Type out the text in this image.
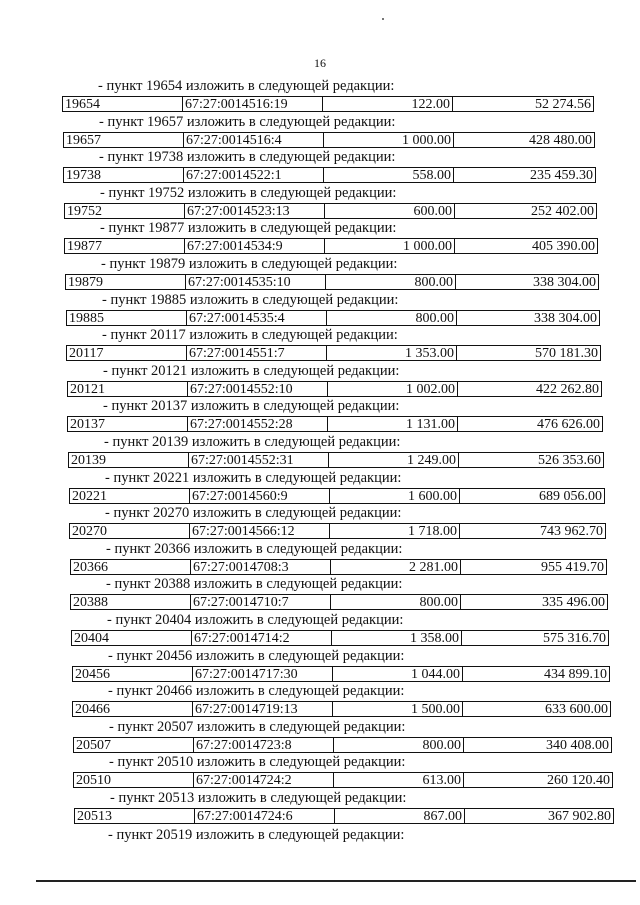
16
- пункт 19654 изложить в следующей редакции:
19654	67:27:0014516:19	122.00	52 274.56
- пункт 19657 изложить в следующей редакции:
19657	67:27:0014516:4	1 000.00	428 480.00
- пункт 19738 изложить в следующей редакции:
19738	67:27:0014522:1	558.00	235 459.30
- пункт 19752 изложить в следующей редакции:
19752	67:27:0014523:13	600.00	252 402.00
- пункт 19877 изложить в следующей редакции:
19877	67:27:0014534:9	1 000.00	405 390.00
- пункт 19879 изложить в следующей редакции:
19879	67:27:0014535:10	800.00	338 304.00
- пункт 19885 изложить в следующей редакции:
19885	67:27:0014535:4	800.00	338 304.00
- пункт 20117 изложить в следующей редакции:
20117	67:27:0014551:7	1 353.00	570 181.30
- пункт 20121 изложить в следующей редакции:
20121	67:27:0014552:10	1 002.00	422 262.80
- пункт 20137 изложить в следующей редакции:
20137	67:27:0014552:28	1 131.00	476 626.00
- пункт 20139 изложить в следующей редакции:
20139	67:27:0014552:31	1 249.00	526 353.60
- пункт 20221 изложить в следующей редакции:
20221	67:27:0014560:9	1 600.00	689 056.00
- пункт 20270 изложить в следующей редакции:
20270	67:27:0014566:12	1 718.00	743 962.70
- пункт 20366 изложить в следующей редакции:
20366	67:27:0014708:3	2 281.00	955 419.70
- пункт 20388 изложить в следующей редакции:
20388	67:27:0014710:7	800.00	335 496.00
- пункт 20404 изложить в следующей редакции:
20404	67:27:0014714:2	1 358.00	575 316.70
- пункт 20456 изложить в следующей редакции:
20456	67:27:0014717:30	1 044.00	434 899.10
- пункт 20466 изложить в следующей редакции:
20466	67:27:0014719:13	1 500.00	633 600.00
- пункт 20507 изложить в следующей редакции:
20507	67:27:0014723:8	800.00	340 408.00
- пункт 20510 изложить в следующей редакции:
20510	67:27:0014724:2	613.00	260 120.40
- пункт 20513 изложить в следующей редакции:
20513	67:27:0014724:6	867.00	367 902.80
- пункт 20519 изложить в следующей редакции:
